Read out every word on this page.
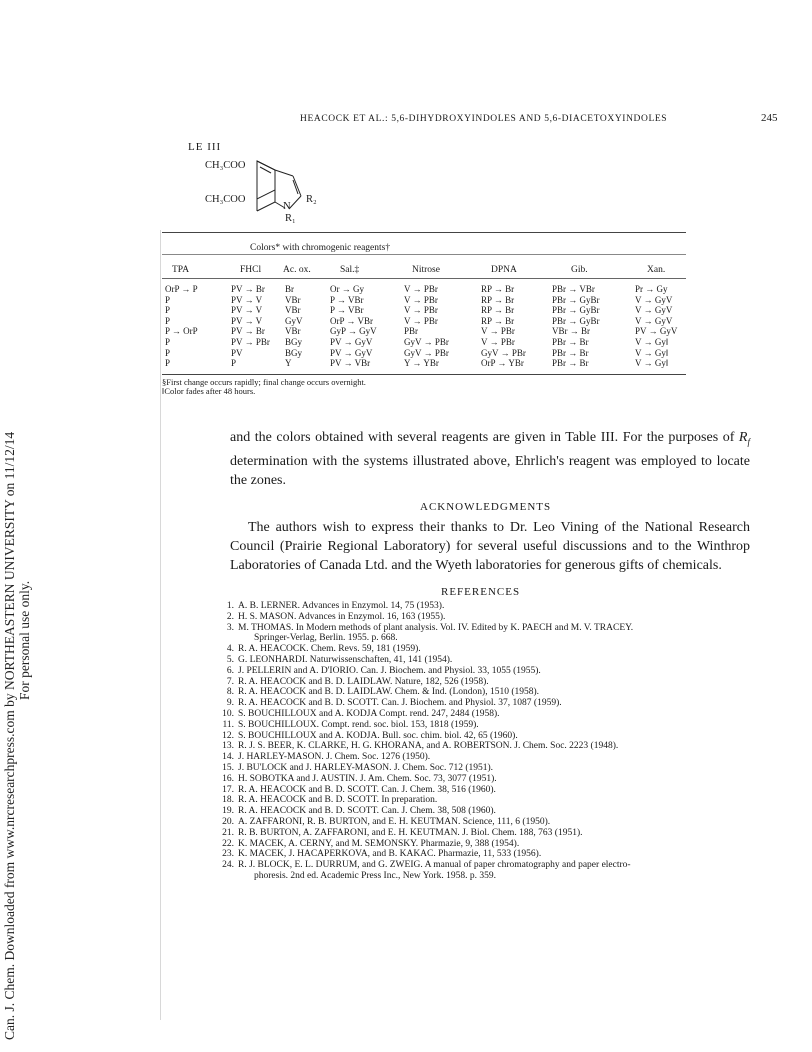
Can. J. Chem. Downloaded from www.nrcresearchpress.com by NORTHEASTERN UNIVERSITY on 11/12/14 For personal use only.
HEACOCK ET AL.: 5,6-DIHYDROXYINDOLES AND 5,6-DIACETOXYINDOLES	245
LE III
CH₃COO
CH₃COO
N
R₁
R₂
Colors* with chromogenic reagents†
TPA	FHCl Ac. ox.	Sal.‡	Nitrose	DPNA	Gib.	Xan.
OrP → P	PV → Br Br	Or → Gy	V → PBr	RP → Br	PBr → VBr	Pr → Gy
P	PV → V	VBr	P → VBr	V → PBr	RP → Br	PBr → GyBr	V → GyV
P	PV → V	VBr	P → VBr	V → PBr	RP → Br	PBr → GyBr	V → GyV
P	PV → V	GyV	OrP → VBr	V → PBr	RP → Br	PBr → GyBr	V → GyV
P → OrP	PV → Br VBr	GyP → GyV	PBr	V → PBr	VBr → Br	PV → GyV
P	PV → PBr BGy	PV → GyV	GyV → PBr	V → PBr	PBr → Br	V → Gy‖
P	PV	BGy	PV → GyV	GyV → PBr	GyV → PBr	PBr → Br	V → Gy‖
P	P	Y	PV → VBr	Y → YBr	OrP → YBr	PBr → Br	V → Gy‖
§First change occurs rapidly; final change occurs overnight.
‖Color fades after 48 hours.
and the colors obtained with several reagents are given in Table III. For the purposes of $R_f$ determination with the systems illustrated above, Ehrlich's reagent was employed to locate the zones.
ACKNOWLEDGMENTS
The authors wish to express their thanks to Dr. Leo Vining of the National Research Council (Prairie Regional Laboratory) for several useful discussions and to the Winthrop Laboratories of Canada Ltd. and the Wyeth laboratories for generous gifts of chemicals.
REFERENCES
1. A. B. LERNER. Advances in Enzymol. 14, 75 (1953).
2. H. S. MASON. Advances in Enzymol. 16, 163 (1955).
3. M. THOMAS. In Modern methods of plant analysis. Vol. IV. Edited by K. PAECH and M. V. TRACEY.
Springer-Verlag, Berlin. 1955. p. 668.
4. R. A. HEACOCK. Chem. Revs. 59, 181 (1959).
5. G. LEONHARDI. Naturwissenschaften, 41, 141 (1954).
6. J. PELLERIN and A. D'IORIO. Can. J. Biochem. and Physiol. 33, 1055 (1955).
7. R. A. HEACOCK and B. D. LAIDLAW. Nature, 182, 526 (1958).
8. R. A. HEACOCK and B. D. LAIDLAW. Chem. & Ind. (London), 1510 (1958).
9. R. A. HEACOCK and B. D. SCOTT. Can. J. Biochem. and Physiol. 37, 1087 (1959).
10. S. BOUCHILLOUX and A. KODJA Compt. rend. 247, 2484 (1958).
11. S. BOUCHILLOUX. Compt. rend. soc. biol. 153, 1818 (1959).
12. S. BOUCHILLOUX and A. KODJA. Bull. soc. chim. biol. 42, 65 (1960).
13. R. J. S. BEER, K. CLARKE, H. G. KHORANA, and A. ROBERTSON. J. Chem. Soc. 2223 (1948).
14. J. HARLEY-MASON. J. Chem. Soc. 1276 (1950).
15. J. BU'LOCK and J. HARLEY-MASON. J. Chem. Soc. 712 (1951).
16. H. SOBOTKA and J. AUSTIN. J. Am. Chem. Soc. 73, 3077 (1951).
17. R. A. HEACOCK and B. D. SCOTT. Can. J. Chem. 38, 516 (1960).
18. R. A. HEACOCK and B. D. SCOTT. In preparation.
19. R. A. HEACOCK and B. D. SCOTT. Can. J. Chem. 38, 508 (1960).
20. A. ZAFFARONI, R. B. BURTON, and E. H. KEUTMAN. Science, 111, 6 (1950).
21. R. B. BURTON, A. ZAFFARONI, and E. H. KEUTMAN. J. Biol. Chem. 188, 763 (1951).
22. K. MACEK, A. CERNY, and M. SEMONSKY. Pharmazie, 9, 388 (1954).
23. K. MACEK, J. HACAPERKOVA, and B. KAKAC. Pharmazie, 11, 533 (1956).
24. R. J. BLOCK, E. L. DURRUM, and G. ZWEIG. A manual of paper chromatography and paper electro-
phoresis. 2nd ed. Academic Press Inc., New York. 1958. p. 359.
